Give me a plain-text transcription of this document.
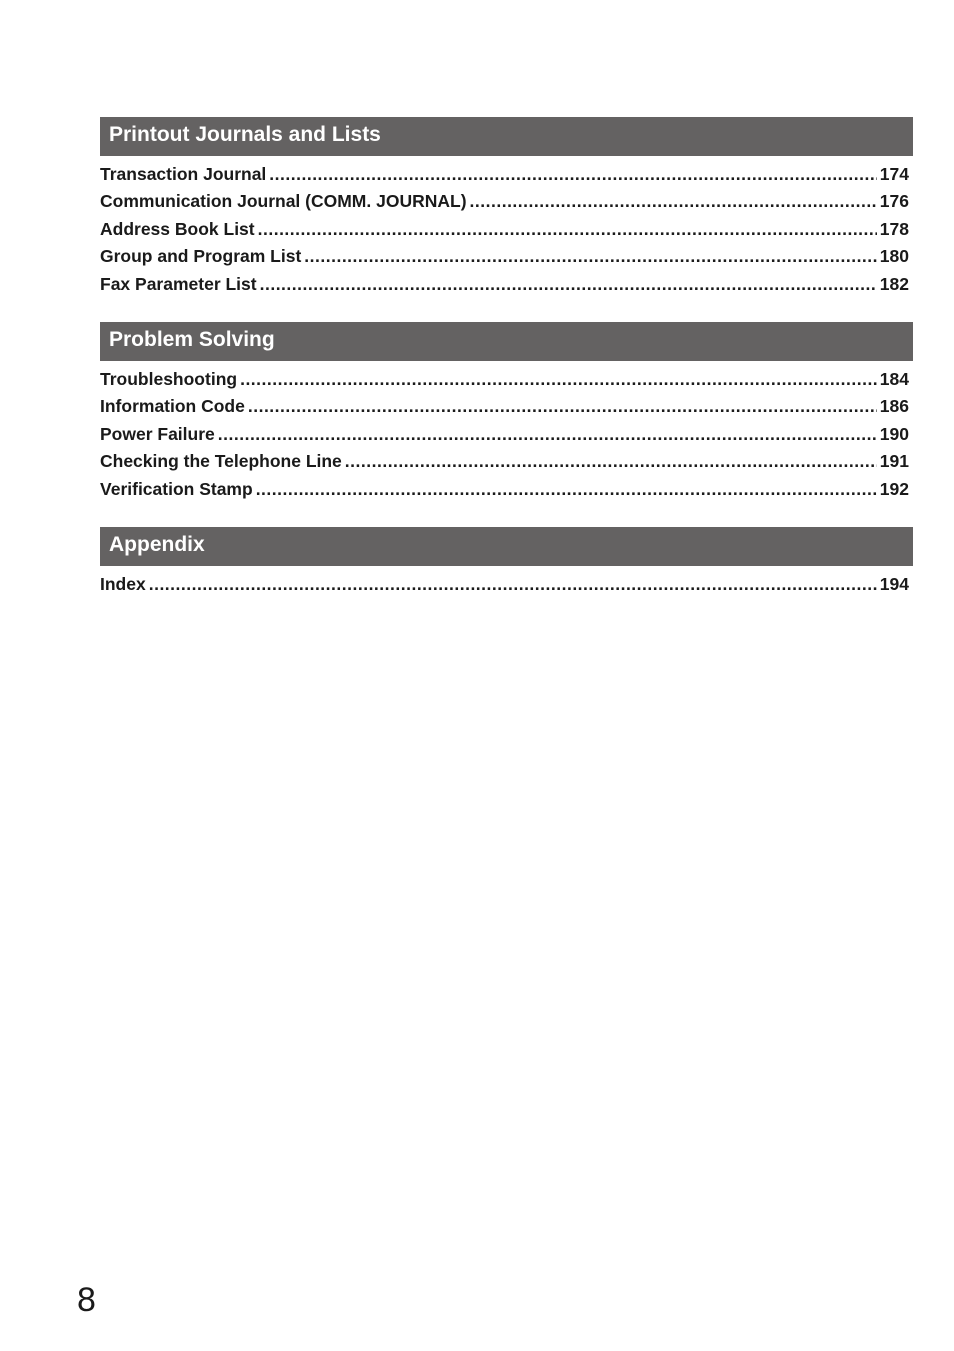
Printout Journals and Lists
Transaction Journal .....	174
Communication Journal (COMM. JOURNAL) .....	176
Address Book List .....	178
Group and Program List .....	180
Fax Parameter List .....	182
Problem Solving
Troubleshooting .....	184
Information Code .....	186
Power Failure .....	190
Checking the Telephone Line .....	191
Verification Stamp .....	192
Appendix
Index .....	194
8
